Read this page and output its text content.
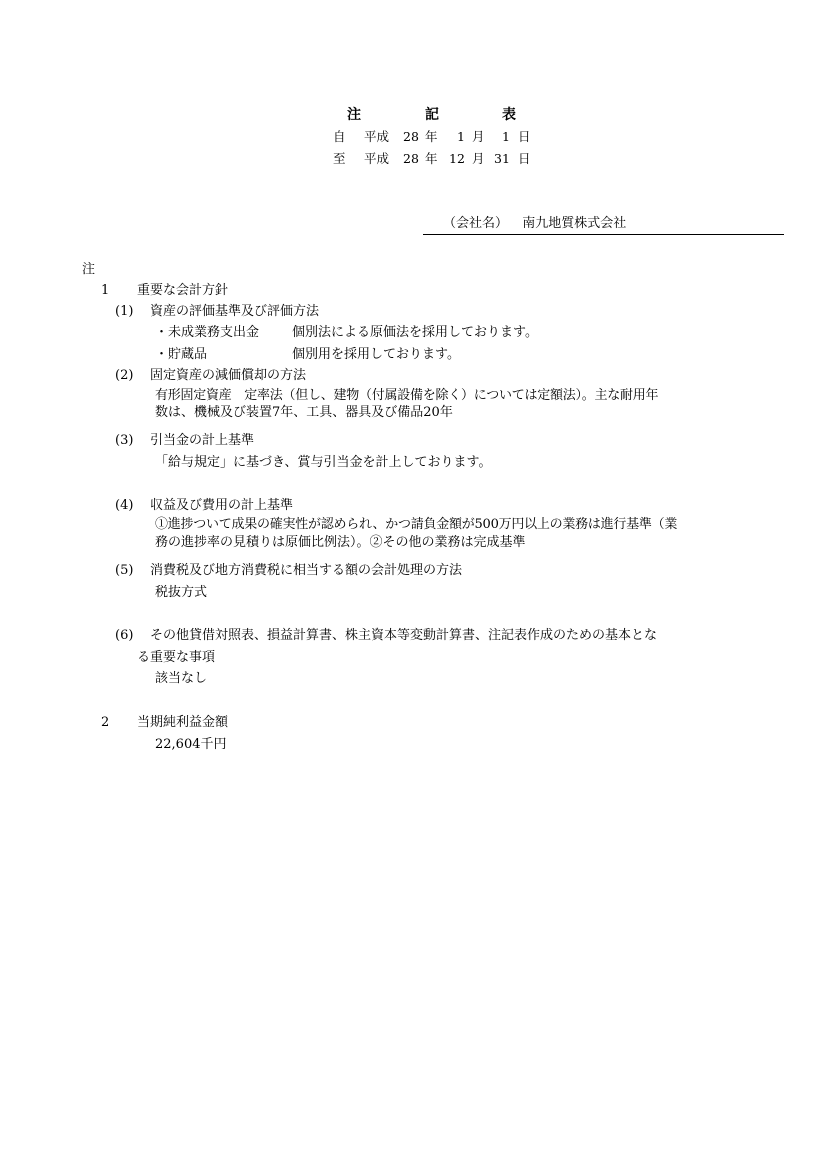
注	記	表
自 平成 28 年 1 月 1 日
至 平成 28 年 12 月 31 日
（会社名） 南九地質株式会社
注
1 重要な会計方針
(1) 資産の評価基準及び評価方法
・未成業務支出金	個別法による原価法を採用しております。
・貯蔵品	個別用を採用しております。
(2) 固定資産の減価償却の方法
有形固定資産　定率法（但し、建物（付属設備を除く）については定額法）。主な耐用年
数は、機械及び装置7年、工具、器具及び備品20年
(3) 引当金の計上基準
「給与規定」に基づき、賞与引当金を計上しております。
(4) 収益及び費用の計上基準
①進捗ついて成果の確実性が認められ、かつ請負金額が500万円以上の業務は進行基準（業
務の進捗率の見積りは原価比例法）。②その他の業務は完成基準
(5) 消費税及び地方消費税に相当する額の会計処理の方法
税抜方式
(6) その他貸借対照表、損益計算書、株主資本等変動計算書、注記表作成のための基本とな
る重要な事項
該当なし
2 当期純利益金額
22,604千円
